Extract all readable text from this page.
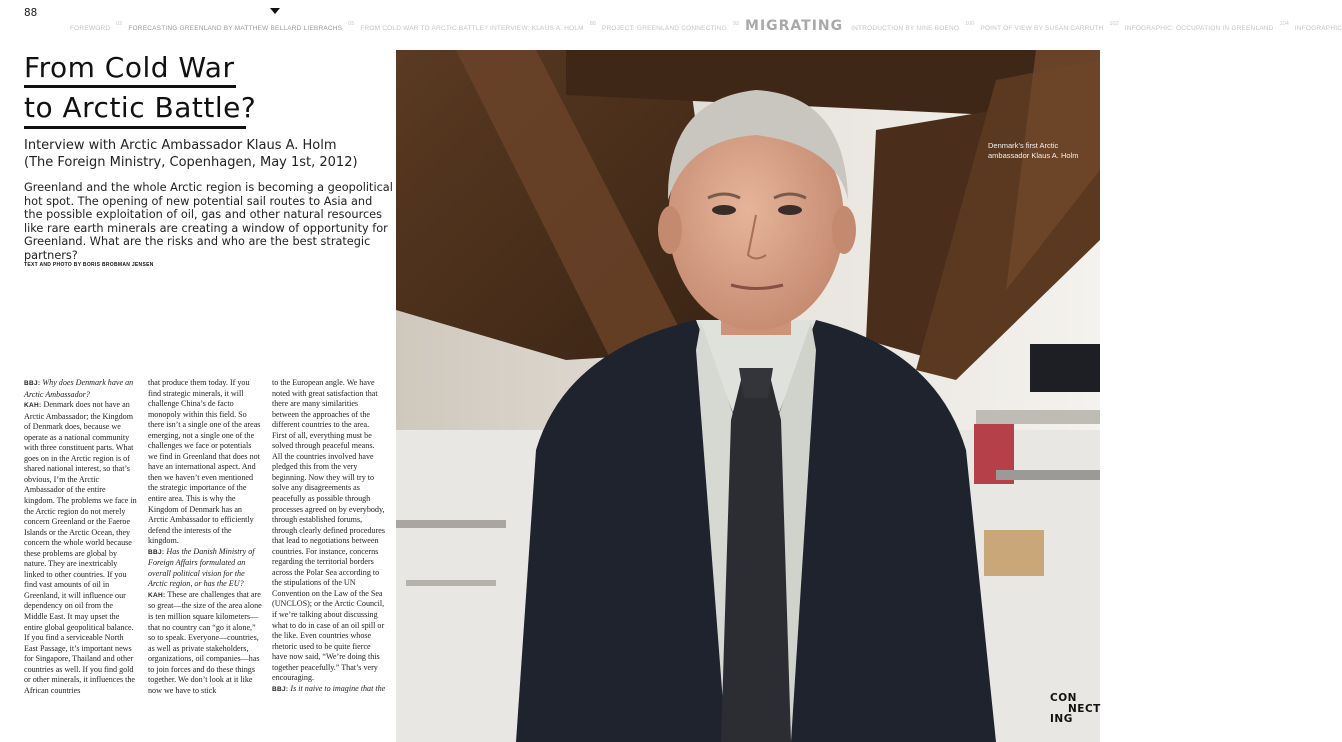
88
FOREWORD
02
FORECASTING GREENLAND BY MATTHEW BELLARD LIEBRACHS
05
FROM COLD WAR TO ARCTIC BATTLE? INTERVIEW: KLAUS A. HOLM
88
PROJECT: GREENLAND CONNECTING
92 MIGRATING INTRODUCTION BY NINE BOENO
100
POINT OF VIEW BY SUSAN CARRUTH
102
INFOGRAPHIC: OCCUPATION IN GREENLAND
104
INFOGRAPHIC
From Cold War
to Arctic Battle?
Interview with Arctic Ambassador Klaus A. Holm
(The Foreign Ministry, Copenhagen, May 1st, 2012)

Greenland and the whole Arctic region is becoming a geopolitical hot spot. The opening of new potential sail routes to Asia and the possible exploitation of oil, gas and other natural resources like rare earth minerals are creating a window of opportunity for Greenland. What are the risks and who are the best strategic partners?

TEXT AND PHOTO BY BORIS BROBMAN JENSEN
BBJ: Why does Denmark have an Arctic Ambassador?
KAH: Denmark does not have an Arctic Ambassador; the Kingdom of Denmark does, because we operate as a national community with three constituent parts. What goes on in the Arctic region is of shared national interest, so that’s obvious, I’m the Arctic Ambassador of the entire kingdom. The problems we face in the Arctic region do not merely concern Greenland or the Faeroe Islands or the Arctic Ocean, they concern the whole world because these problems are global by nature. They are inextricably linked to other countries. If you find vast amounts of oil in Greenland, it will influence our dependency on oil from the Middle East. It may upset the entire global geopolitical balance. If you find a serviceable North East Passage, it’s important news for Singapore, Thailand and other countries as well. If you find gold or other minerals, it influences the African countries
that produce them today. If you find strategic minerals, it will challenge China’s de facto monopoly within this field. So there isn’t a single one of the areas emerging, not a single one of the challenges we face or potentials we find in Greenland that does not have an international aspect. And then we haven’t even mentioned the strategic importance of the entire area. This is why the Kingdom of Denmark has an Arctic Ambassador to efficiently defend the interests of the kingdom.
BBJ: Has the Danish Ministry of Foreign Affairs formulated an overall political vision for the Arctic region, or has the EU?
KAH: These are challenges that are so great—the size of the area alone is ten million square kilometers—that no country can “go it alone,” so to speak. Everyone—countries, as well as private stakeholders, organizations, oil companies—has to join forces and do these things together. We don’t look at it like now we have to stick
to the European angle. We have noted with great satisfaction that there are many similarities between the approaches of the different countries to the area. First of all, everything must be solved through peaceful means. All the countries involved have pledged this from the very beginning. Now they will try to solve any disagreements as peacefully as possible through processes agreed on by everybody, through established forums, through clearly defined procedures that lead to negotiations between countries. For instance, concerns regarding the territorial borders across the Polar Sea according to the stipulations of the UN Convention on the Law of the Sea (UNCLOS); or the Arctic Council, if we’re talking about discussing what to do in case of an oil spill or the like. Even countries whose rhetoric used to be quite fierce have now said, “We’re doing this together peacefully.” That’s very encouraging.
BBJ: Is it naive to imagine that the
Denmark’s first Arctic
ambassador Klaus A. Holm
CON
NECT
ING
